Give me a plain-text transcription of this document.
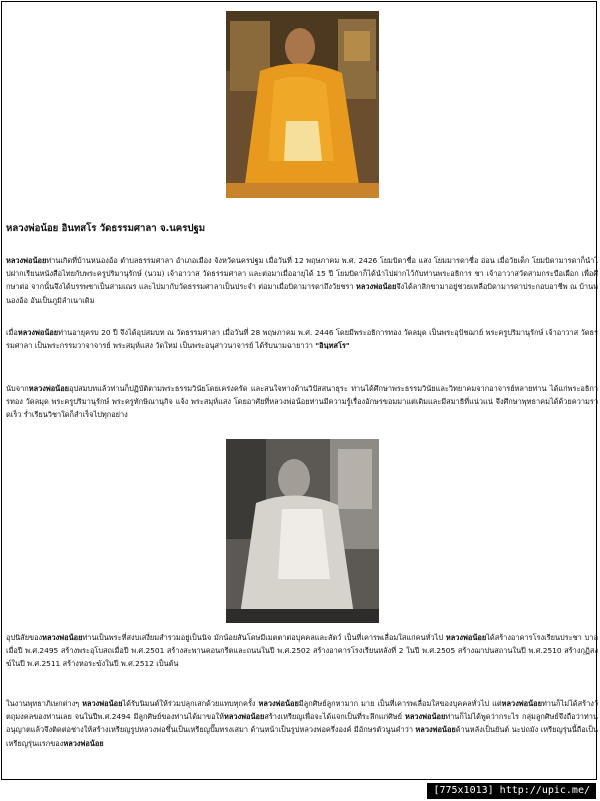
หลวงพ่อน้อย อินทสโร วัดธรรมศาลา จ.นครปฐม

หลวงพ่อน้อยท่านเกิดที่บ้านหนองอ้อ ตำบลธรรมศาลา อำเภอเมือง จังหวัดนครปฐม เมื่อวันที่ 12 พฤษภาคม พ.ศ. 2426 โยมบิดาชื่อ แสง โยมมารดาชื่อ อ่อน เมื่อวัยเด็ก โยมบิดามารดาก็นำไปฝากเรียนหนังสือไทยกับพระครูปริมานุรักษ์ (นวม) เจ้าอาวาส วัดธรรมศาลา และต่อมาเมื่ออายุได้ 15 ปี โยมบิดาก็ได้นำไปฝากไว้กับท่านพระอธิการ ชา เจ้าอาวาสวัดสามกระบือเผือก เพื่อศึกษาต่อ จากนั้นจึงได้บรรพชาเป็นสามเณร และไปมากับวัดธรรมศาลาเป็นประจำ ต่อมาเมื่อบิดามารดาถึงวัยชรา หลวงพ่อน้อยจึงได้ลาสิกขามาอยู่ช่วยเหลือบิดามารดาประกอบอาชีพ ณ บ้านหนองอ้อ อันเป็นภูมิลำเนาเดิม

เมื่อหลวงพ่อน้อยท่านอายุครบ 20 ปี จึงได้อุปสมบท ณ วัดธรรมศาลา เมื่อวันที่ 28 พฤษภาคม พ.ศ. 2446 โดยมีพระอธิการทอง วัดลมุด เป็นพระอุปัชฌาย์ พระครูปริมานุรักษ์ เจ้าอาวาส วัดธรรมศาลา เป็นพระกรรมวาจาจารย์ พระสมุห์แสง วัดใหม่ เป็นพระอนุสาวนาจารย์ ได้รับนามฉายาว่า "อินฺทสโร"

นับจากหลวงพ่อน้อยอุปสมบทแล้วท่านก็ปฏิบัติตามพระธรรมวินัยโดยเคร่งครัด และสนใจทางด้านวิปัสสนาธุระ ท่านได้ศึกษาพระธรรมวินัยและวิทยาคมจากอาจารย์หลายท่าน ได้แก่พระอธิการทอง วัดลมุด พระครูปริมานุรักษ์ พระครูทักษิณานุกิจ แจ้ง พระสมุห์แสง โดยอาศัยที่หลวงพ่อน้อยท่านมีความรู้เรื่องอักษรขอมมาแต่เดิมและมีสมาธิที่แน่วแน่ จึงศึกษาพุทธาคมได้ด้วยความรวดเร็ว ร่ำเรียนวิชาใดก็สำเร็จไปทุกอย่าง

อุปนิสัยของหลวงพ่อน้อยท่านเป็นพระที่สงบเสงี่ยมสำรวมอยู่เป็นนิจ มักน้อยสันโดษมีเมตตาต่อบุคคลและสัตว์ เป็นที่เคารพเลื่อมใสแก่คนทั่วไป หลวงพ่อน้อยได้สร้างอาคารโรงเรียนประชา บาลเมื่อปี พ.ศ.2495 สร้างพระอุโบสถเมื่อปี พ.ศ.2501 สร้างสะพานคอนกรีตและถนนในปี พ.ศ.2502 สร้างอาคารโรงเรียนหลังที่ 2 ในปี พ.ศ.2505 สร้างฌาปนสถานในปี พ.ศ.2510 สร้างกุฏิสงฆ์ในปี พ.ศ.2511 สร้างหอระฆังในปี พ.ศ.2512 เป็นต้น

ในงานพุทธาภิเษกต่างๆ หลวงพ่อน้อยได้รับนิมนต์ให้ร่วมปลุกเสกด้วยแทบทุกครั้ง หลวงพ่อน้อยมีลูกศิษย์ลูกหามาก มาย เป็นที่เคารพเลื่อมใสของบุคคลทั่วไป แต่หลวงพ่อน้อยท่านก็ไม่ได้สร้างวัตถุมงคลของท่านเลย จนในปีพ.ศ.2494 มีลูกศิษย์ของท่านได้มาขอให้หลวงพ่อน้อยสร้างเหรียญเพื่อจะได้แจกเป็นที่ระลึกแก่ศิษย์ หลวงพ่อน้อยท่านก็ไม่ได้พูดว่ากระไร กลุ่มลูกศิษย์จึงถือว่าท่านอนุญาตแล้วจึงติดต่อช่างให้สร้างเหรียญรูปหลวงพ่อขึ้นเป็นเหรียญปั๊มทรงเสมา ด้านหน้าเป็นรูปหลวงพ่อครึ่งองค์ มีอักษรตัวนูนคำว่า หลวงพ่อน้อยด้านหลังเป็นยันต์ นะปถมัง เหรียญรุ่นนี้ถือเป็นเหรียญรุ่นแรกของหลวงพ่อน้อย

[775x1013] http://upic.me/
